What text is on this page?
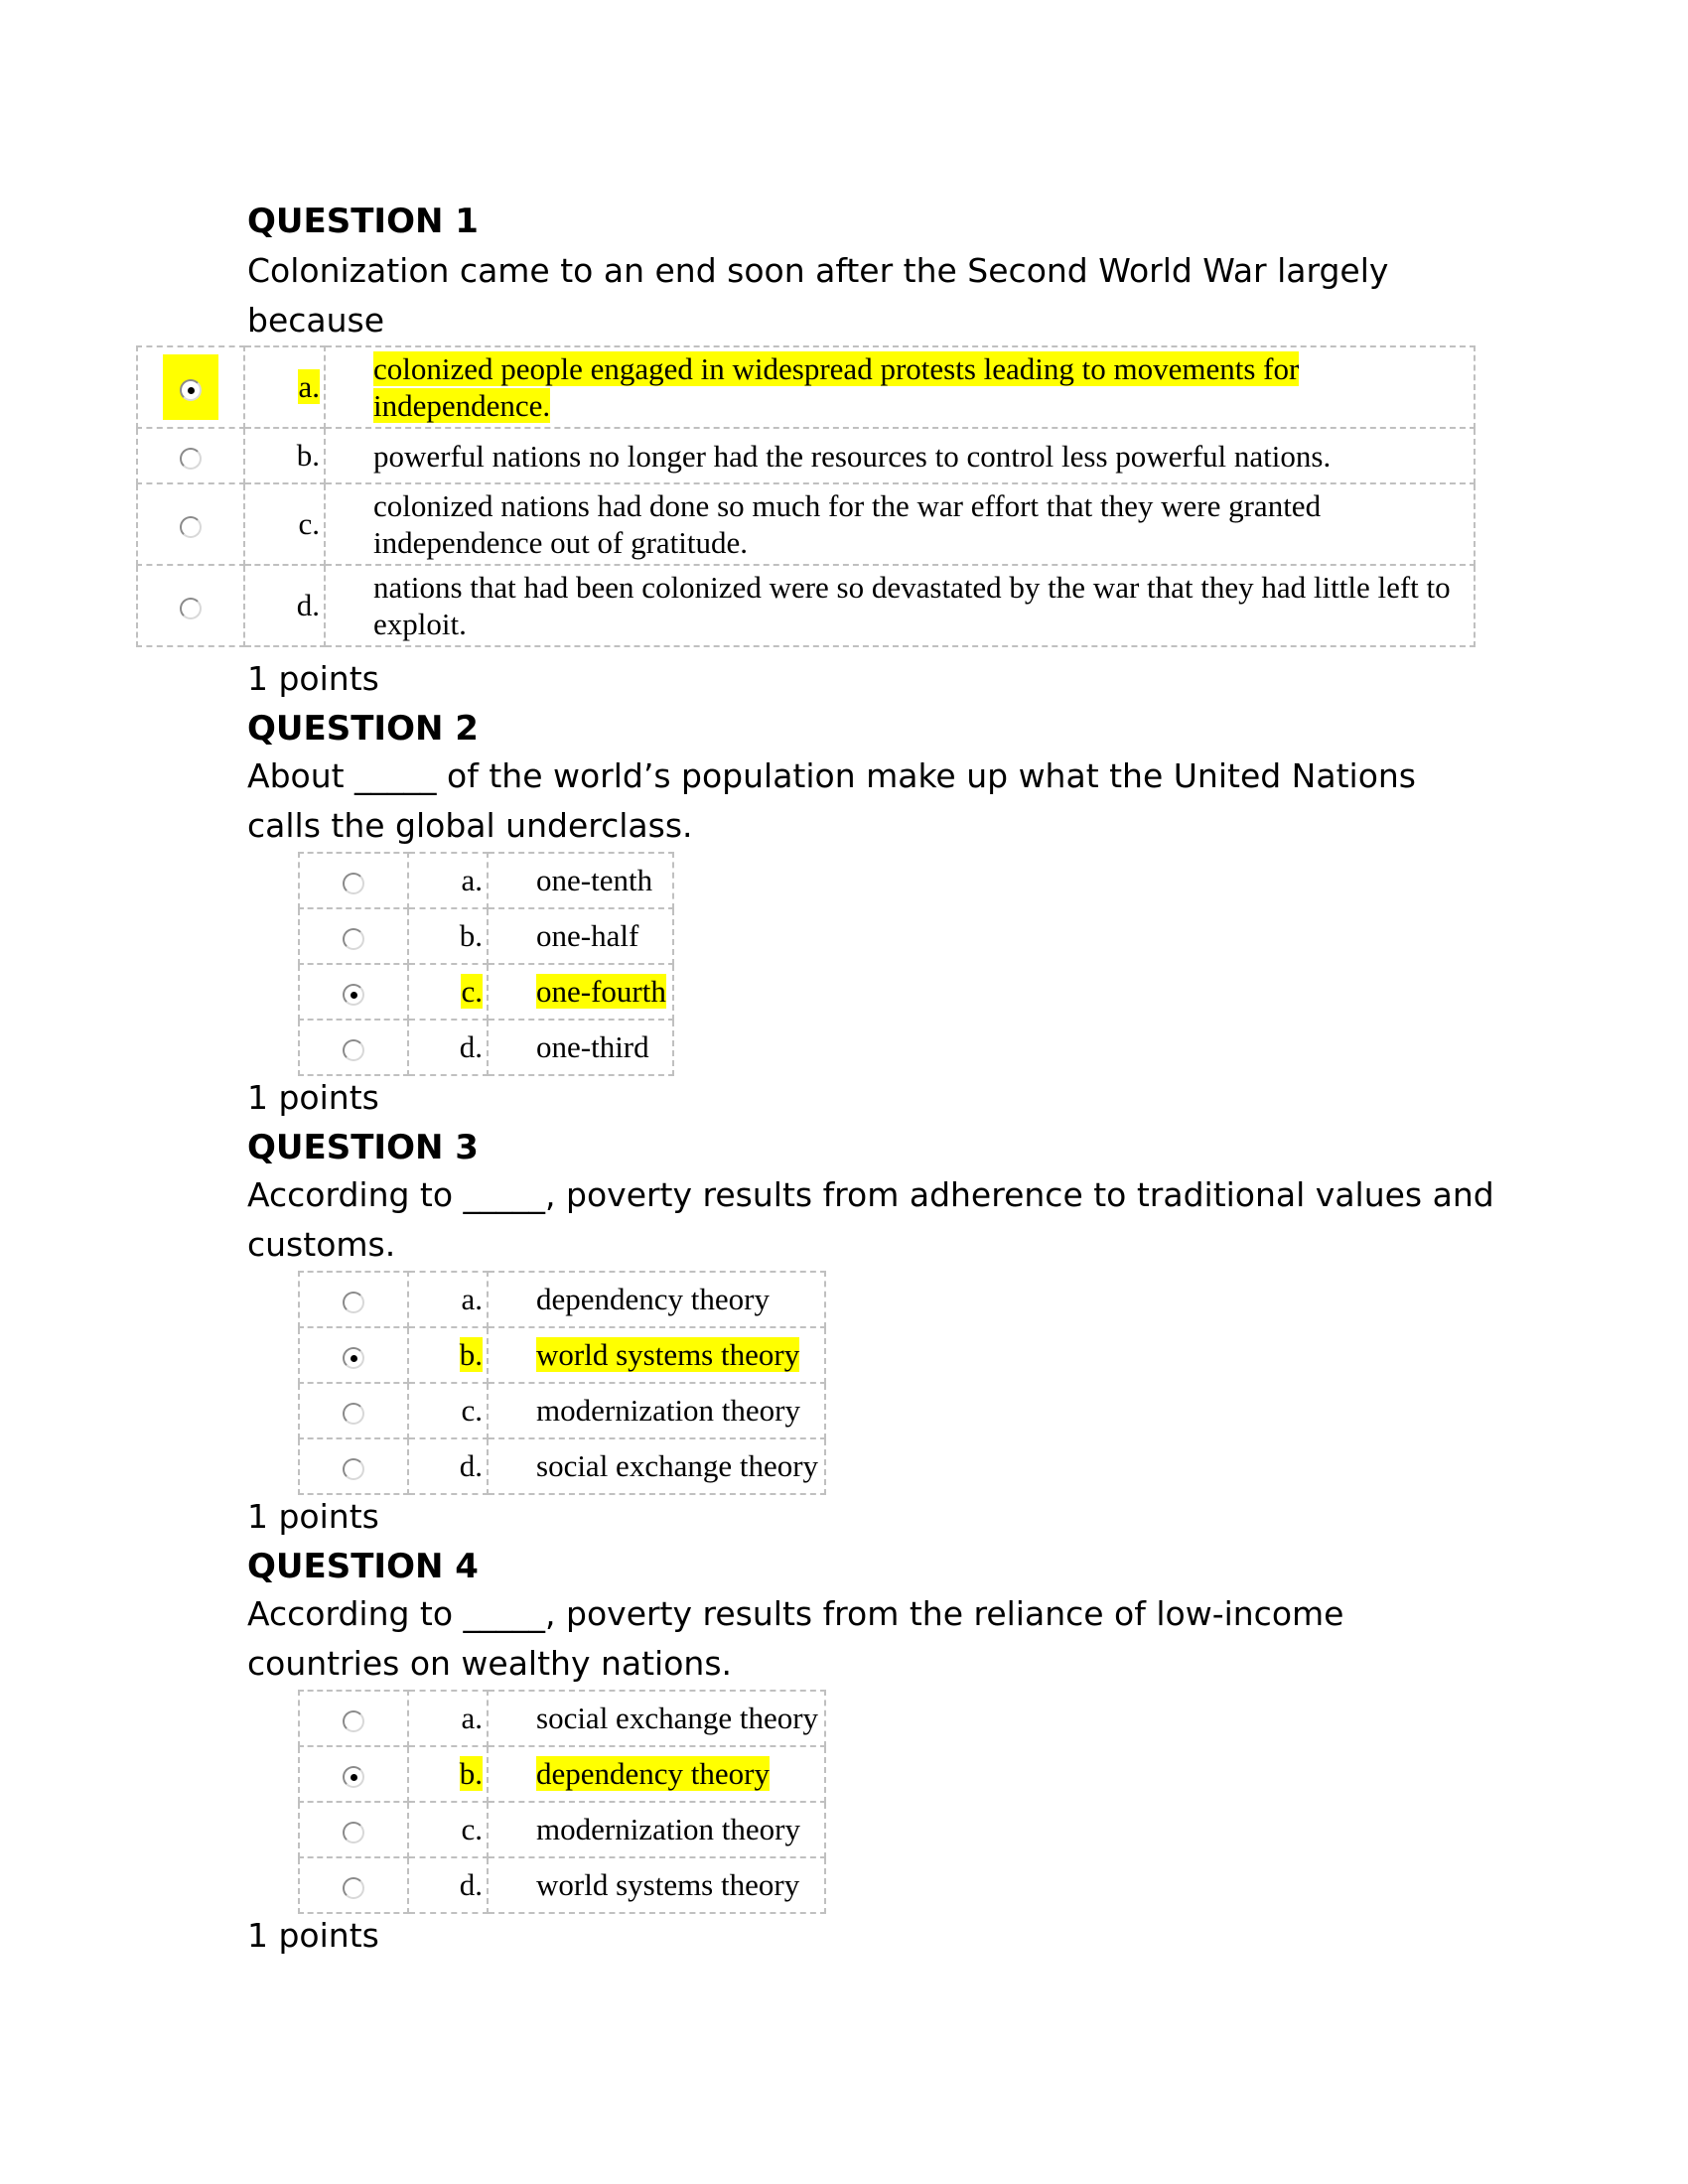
QUESTION 1
Colonization came to an end soon after the Second World War largely because
	a.	colonized people engaged in widespread protests leading to movements for independence.
	b.	powerful nations no longer had the resources to control less powerful nations.

	c.	colonized nations had done so much for the war effort that they were granted independence out of gratitude.

	d.	nations that had been colonized were so devastated by the war that they had little left to exploit.
1 points
QUESTION 2
About _____ of the world’s population make up what the United Nations calls the global underclass.
	a.	one-tenth
	b.	one-half
	c.	one-fourth
	d.	one-third
1 points
QUESTION 3
According to _____, poverty results from adherence to traditional values and customs.
	a.	dependency theory
	b.	world systems theory
	c.	modernization theory
	d.	social exchange theory
1 points
QUESTION 4
According to _____, poverty results from the reliance of low-income countries on wealthy nations.
	a.	social exchange theory
	b.	dependency theory
	c.	modernization theory
	d.	world systems theory
1 points
